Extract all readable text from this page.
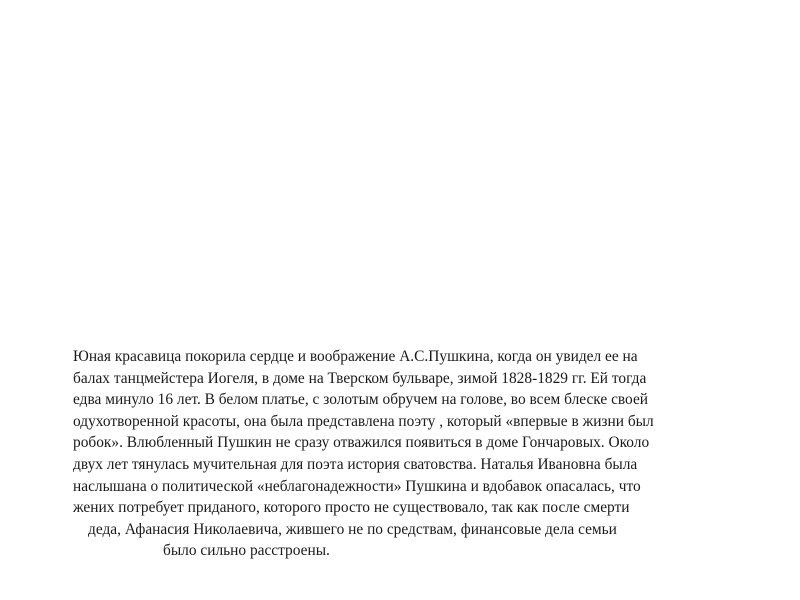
Юная красавица покорила сердце и воображение А.С.Пушкина, когда он увидел ее на
балах танцмейстера Иогеля, в доме на Тверском бульваре, зимой 1828-1829 гг. Ей тогда
едва минуло 16 лет. В белом платье, с золотым обручем на голове, во всем блеске своей
одухотворенной красоты, она была представлена поэту , который «впервые в жизни был
робок». Влюбленный Пушкин не сразу отважился появиться в доме Гончаровых. Около
двух лет тянулась мучительная для поэта история сватовства. Наталья Ивановна была
наслышана о политической «неблагонадежности» Пушкина и вдобавок опасалась, что
жених потребует приданого, которого просто не существовало, так как после смерти
деда, Афанасия Николаевича, жившего не по средствам, финансовые дела семьи
было сильно расстроены.
